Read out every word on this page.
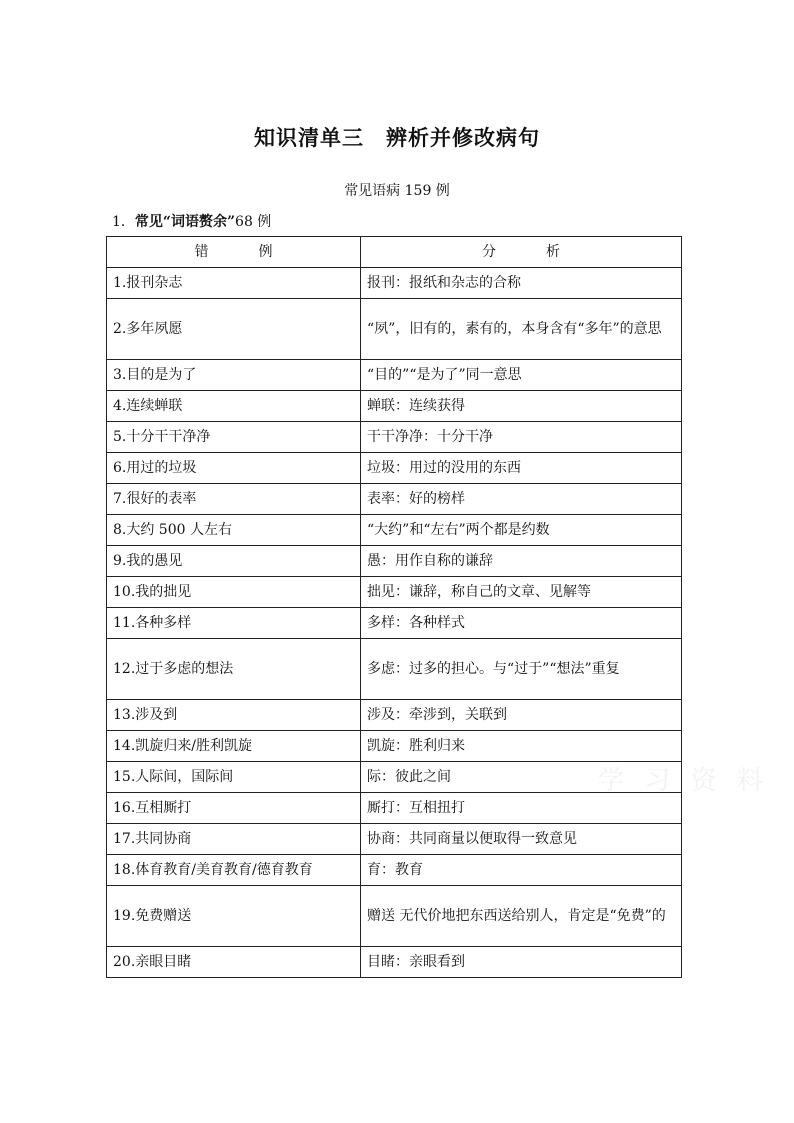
知识清单三　辨析并修改病句
常见语病 159 例
1．常见“词语赘余”68 例
错　例	分　析
1.报刊杂志	报刊：报纸和杂志的合称
2.多年夙愿	“夙”，旧有的，素有的，本身含有“多年”的意思
3.目的是为了	“目的”“是为了”同一意思
4.连续蝉联	蝉联：连续获得
5.十分干干净净	干干净净：十分干净
6.用过的垃圾	垃圾：用过的没用的东西
7.很好的表率	表率：好的榜样
8.大约 500 人左右	“大约”和“左右”两个都是约数
9.我的愚见	愚：用作自称的谦辞
10.我的拙见	拙见：谦辞，称自己的文章、见解等
11.各种多样	多样：各种样式
12.过于多虑的想法	多虑：过多的担心。与“过于”“想法”重复
13.涉及到	涉及：牵涉到，关联到
14.凯旋归来/胜利凯旋	凯旋：胜利归来
15.人际间，国际间	际：彼此之间
16.互相厮打	厮打：互相扭打
17.共同协商	协商：共同商量以便取得一致意见
18.体育教育/美育教育/德育教育	育：教育
19.免费赠送	赠送 无代价地把东西送给别人，肯定是“免费”的
20.亲眼目睹	目睹：亲眼看到
学 习 资 料
